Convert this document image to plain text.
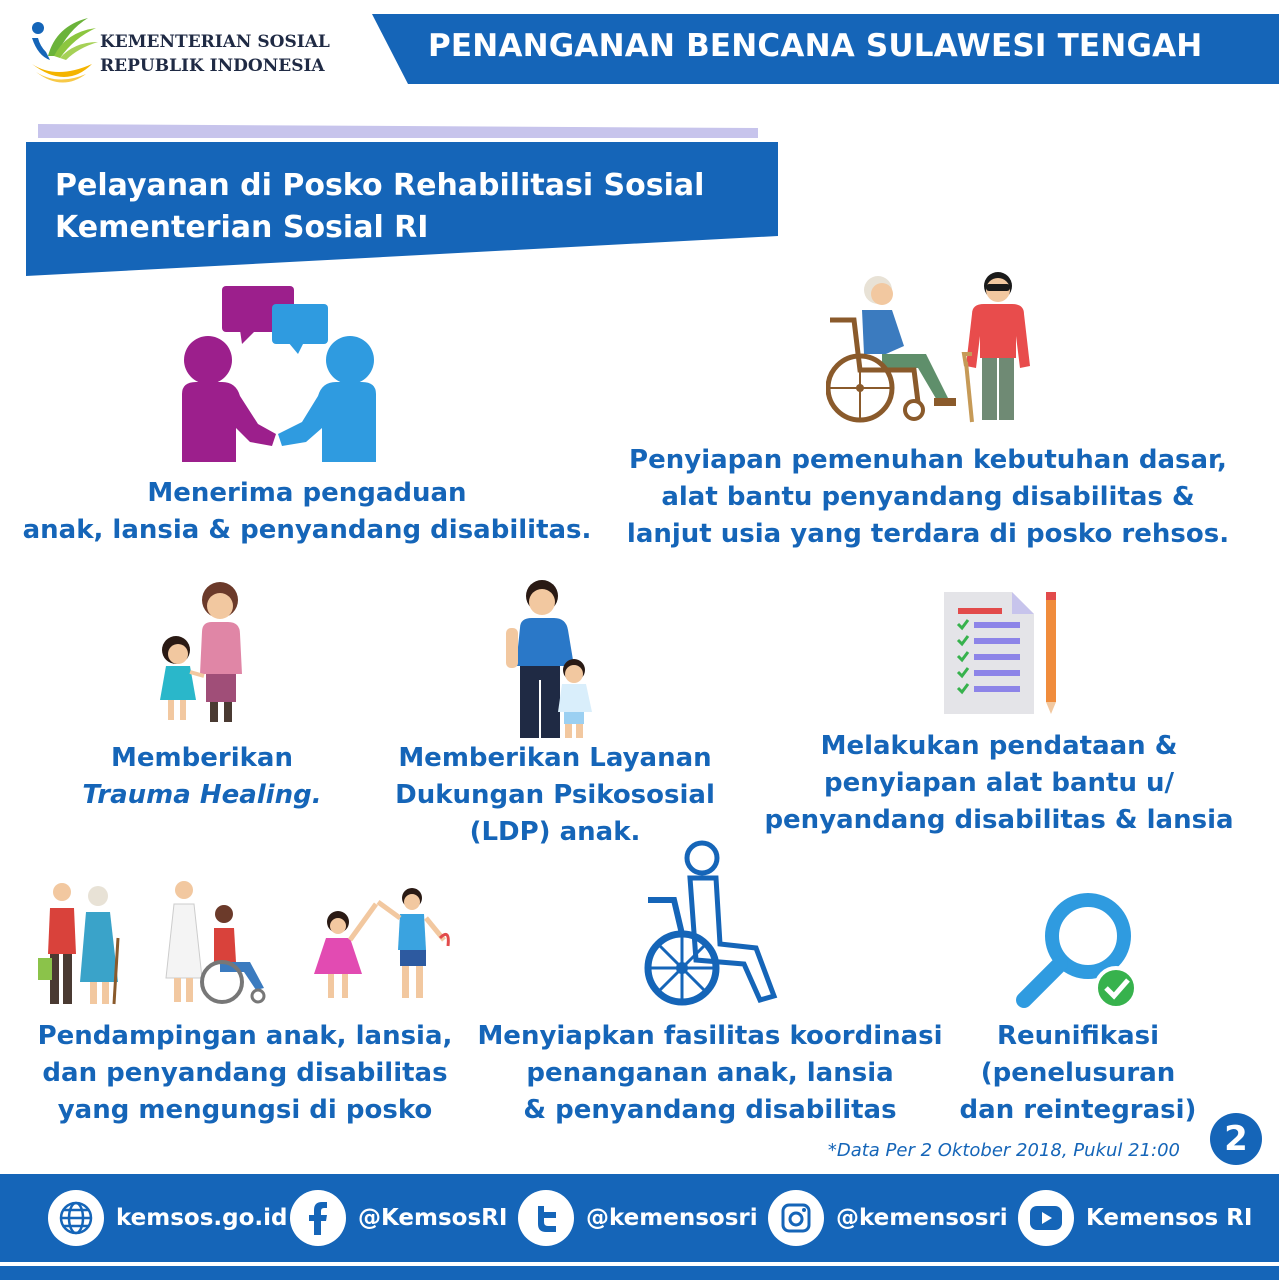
KEMENTERIAN SOSIAL
REPUBLIK INDONESIA
PENANGANAN BENCANA SULAWESI TENGAH
Pelayanan di Posko Rehabilitasi Sosial
Kementerian Sosial RI
Menerima pengaduan
anak, lansia & penyandang disabilitas.
Penyiapan pemenuhan kebutuhan dasar,
alat bantu penyandang disabilitas &
lanjut usia yang terdara di posko rehsos.
Memberikan
Trauma Healing.
Memberikan Layanan
Dukungan Psikososial
(LDP) anak.
Melakukan pendataan &
penyiapan alat bantu u/
penyandang disabilitas & lansia
Pendampingan anak, lansia,
dan penyandang disabilitas
yang mengungsi di posko
Menyiapkan fasilitas koordinasi
penanganan anak, lansia
& penyandang disabilitas
Reunifikasi
(penelusuran
dan reintegrasi)
*Data Per 2 Oktober 2018, Pukul 21:00	2
kemsos.go.id	@KemsosRI	@kemensosri	@kemensosri	Kemensos RI
